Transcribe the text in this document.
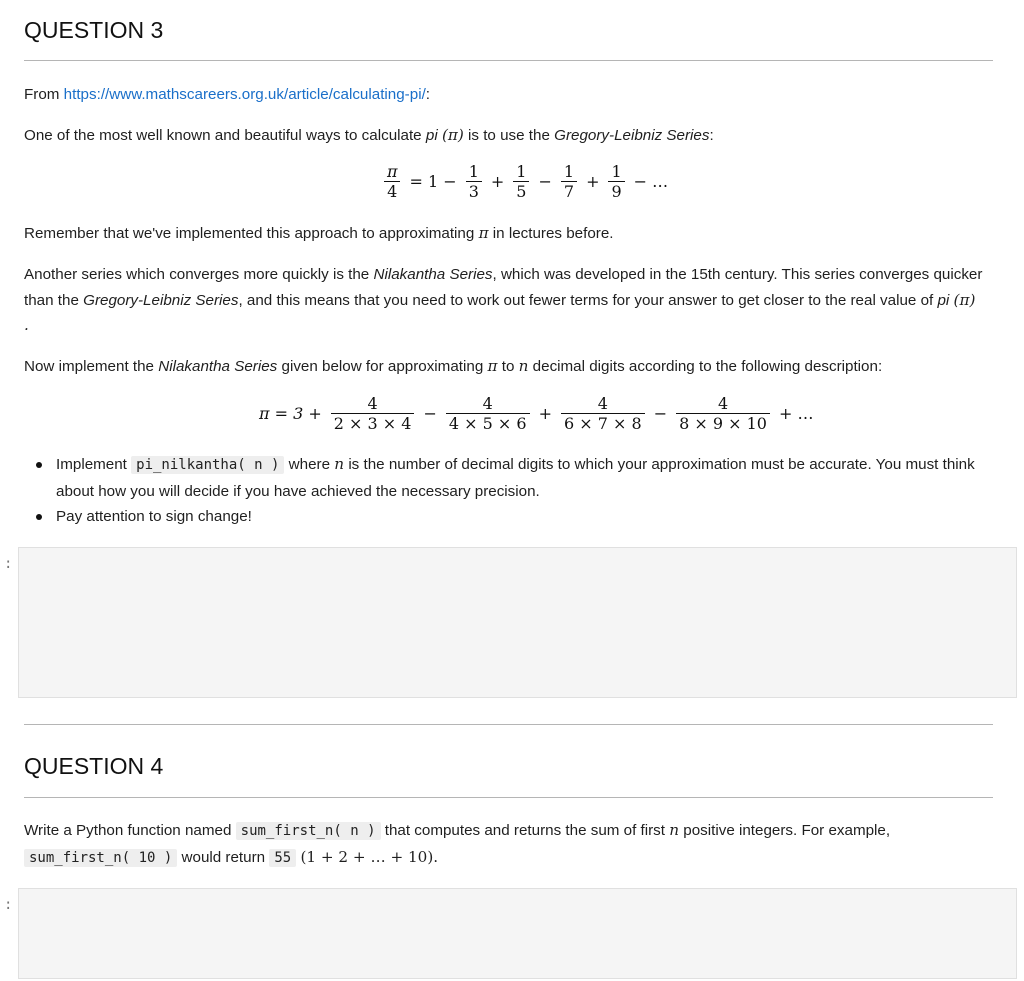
QUESTION 3
From https://www.mathscareers.org.uk/article/calculating-pi/:
One of the most well known and beautiful ways to calculate pi (π) is to use the Gregory-Leibniz Series:
$\frac{\pi}{4} = 1 - \frac{1}{3} + \frac{1}{5} - \frac{1}{7} + \frac{1}{9}$ − …
Remember that we've implemented this approach to approximating π in lectures before.
Another series which converges more quickly is the Nilakantha Series, which was developed in the 15th century. This series converges quicker than the Gregory-Leibniz Series, and this means that you need to work out fewer terms for your answer to get closer to the real value of pi (π) .
Now implement the Nilakantha Series given below for approximating π to n decimal digits according to the following description:
$\pi = 3 + \frac{4}{2 \times 3 \times 4} - \frac{4}{4 \times 5 \times 6} + \frac{4}{6 \times 7 \times 8} - \frac{4}{8 \times 9 \times 10}$ + …
Implement pi_nilkantha( n ) where n is the number of decimal digits to which your approximation must be accurate. You must think about how you will decide if you have achieved the necessary precision.
Pay attention to sign change!
:
QUESTION 4
Write a Python function named sum_first_n( n ) that computes and returns the sum of first n positive integers. For example, sum_first_n( 10 ) would return 55 (1 + 2 + … + 10).
:
